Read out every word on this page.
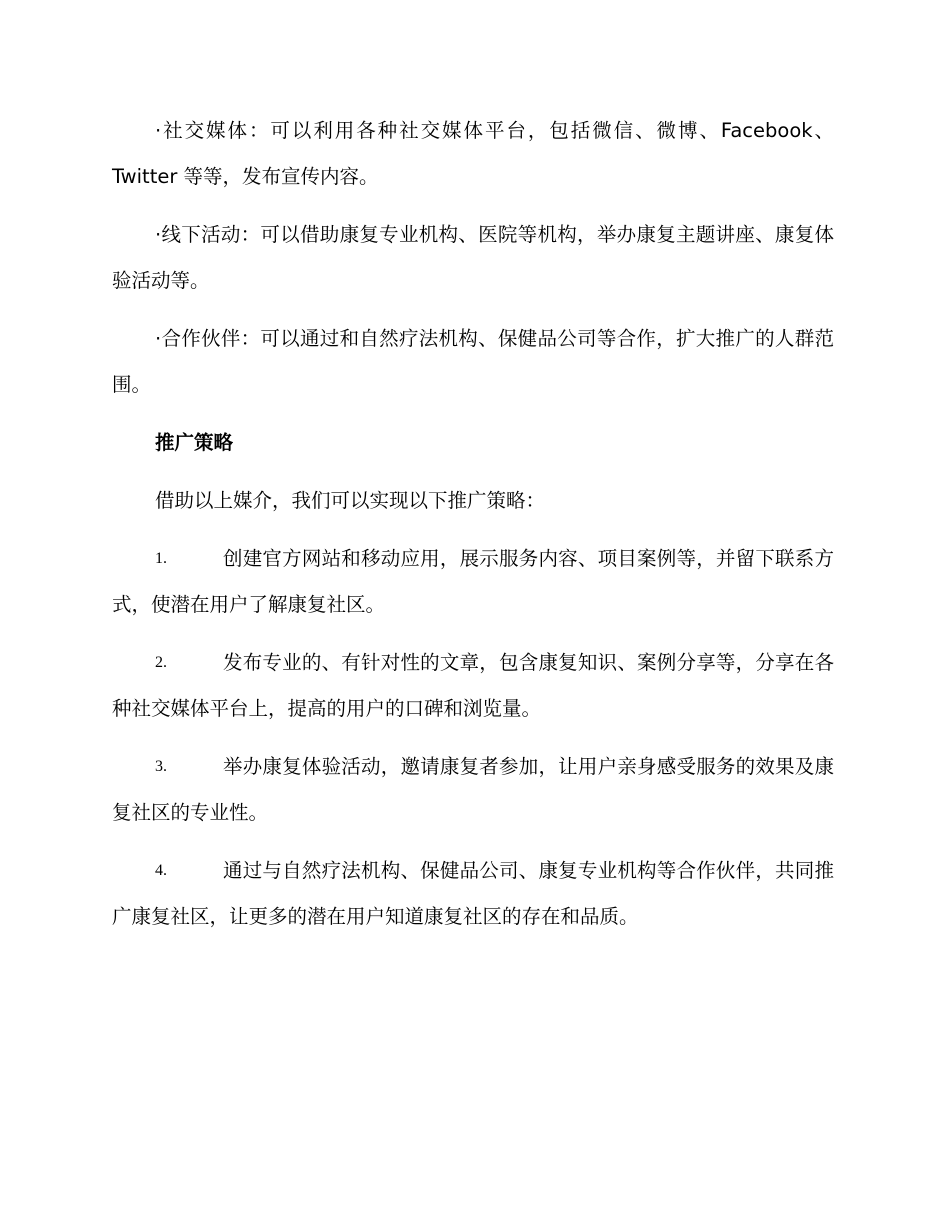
·社交媒体：可以利用各种社交媒体平台，包括微信、微博、Facebook、Twitter 等等，发布宣传内容。

·线下活动：可以借助康复专业机构、医院等机构，举办康复主题讲座、康复体验活动等。

·合作伙伴：可以通过和自然疗法机构、保健品公司等合作，扩大推广的人群范围。

推广策略

借助以上媒介，我们可以实现以下推广策略：

1.	创建官方网站和移动应用，展示服务内容、项目案例等，并留下联系方式，使潜在用户了解康复社区。

2.	发布专业的、有针对性的文章，包含康复知识、案例分享等，分享在各种社交媒体平台上，提高的用户的口碑和浏览量。

3.	举办康复体验活动，邀请康复者参加，让用户亲身感受服务的效果及康复社区的专业性。

4.	通过与自然疗法机构、保健品公司、康复专业机构等合作伙伴，共同推广康复社区，让更多的潜在用户知道康复社区的存在和品质。
